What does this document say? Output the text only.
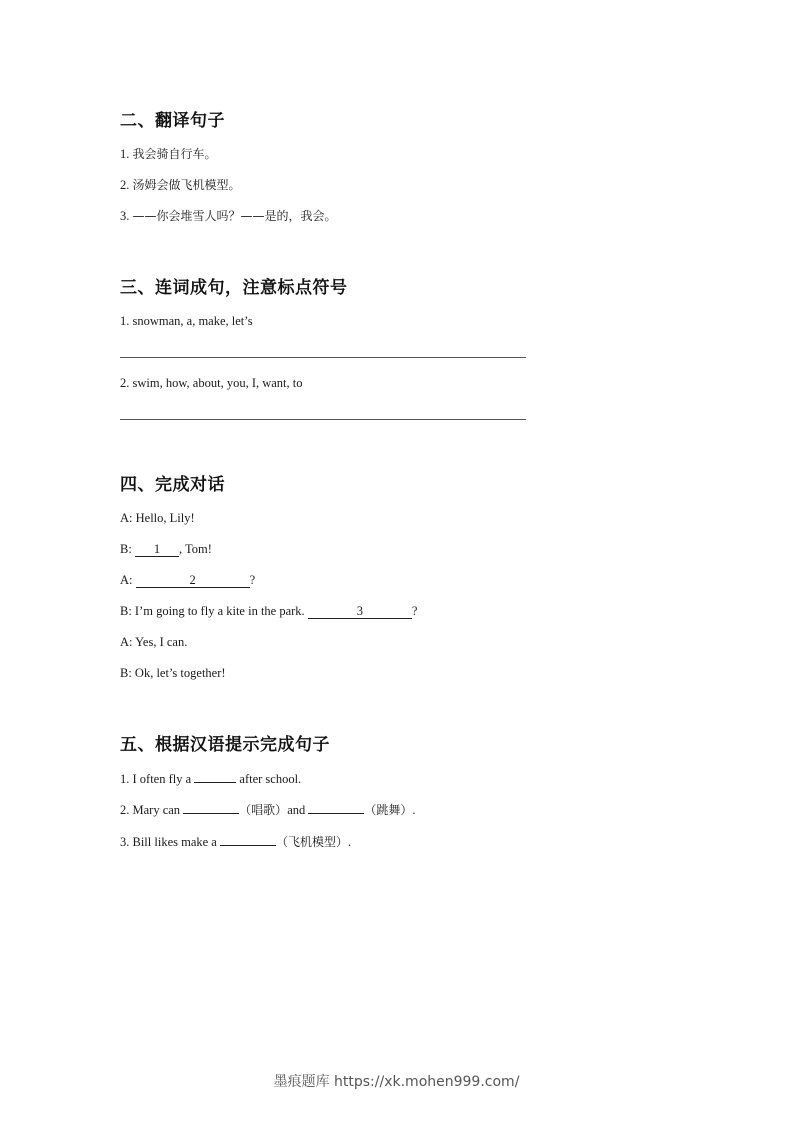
二、翻译句子
1. 我会骑自行车。
2. 汤姆会做飞机模型。
3. ——你会堆雪人吗？——是的，我会。
三、连词成句，注意标点符号
1. snowman, a, make, let’s
2. swim, how, about, you, I, want, to
四、完成对话
A: Hello, Lily!
B: 1 , Tom!
A:	2	?
B: I’m going to fly a kite in the park.	3	?
A: Yes, I can.
B: Ok, let’s together!
五、根据汉语提示完成句子
1. I often fly a	after school.
2. Mary can	（唱歌）and	（跳舞）.
3. Bill likes make a	（飞机模型）.
墨痕题库 https://xk.mohen999.com/
